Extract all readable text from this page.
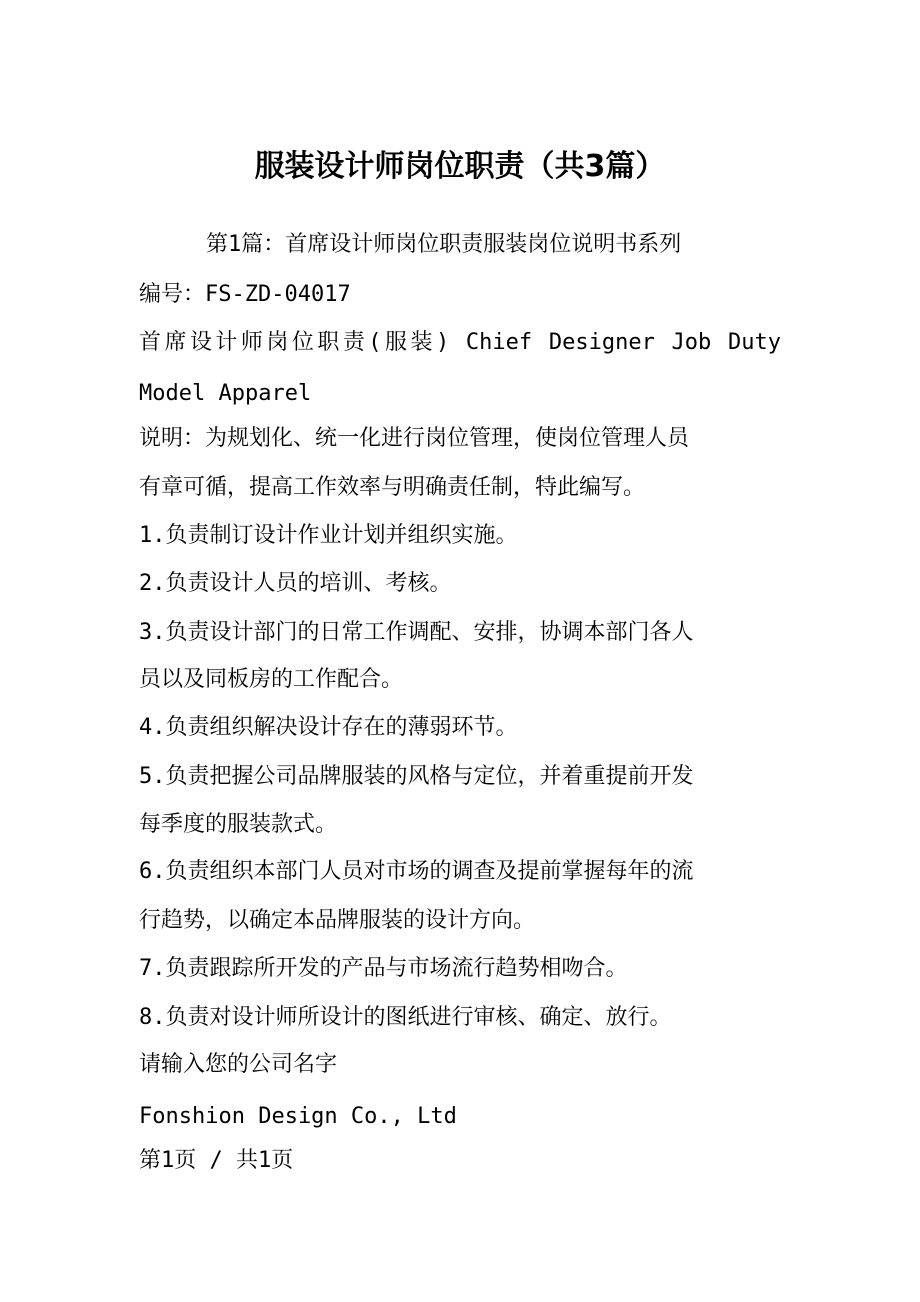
服装设计师岗位职责（共3篇）
第1篇：首席设计师岗位职责服装岗位说明书系列
编号：FS-ZD-04017
首席设计师岗位职责(服装) Chief Designer Job Duty
Model Apparel
说明：为规划化、统一化进行岗位管理，使岗位管理人员
有章可循，提高工作效率与明确责任制，特此编写。
1.负责制订设计作业计划并组织实施。
2.负责设计人员的培训、考核。
3.负责设计部门的日常工作调配、安排，协调本部门各人
员以及同板房的工作配合。
4.负责组织解决设计存在的薄弱环节。
5.负责把握公司品牌服装的风格与定位，并着重提前开发
每季度的服装款式。
6.负责组织本部门人员对市场的调查及提前掌握每年的流
行趋势，以确定本品牌服装的设计方向。
7.负责跟踪所开发的产品与市场流行趋势相吻合。
8.负责对设计师所设计的图纸进行审核、确定、放行。
请输入您的公司名字
Fonshion Design Co., Ltd
第1页 / 共1页
